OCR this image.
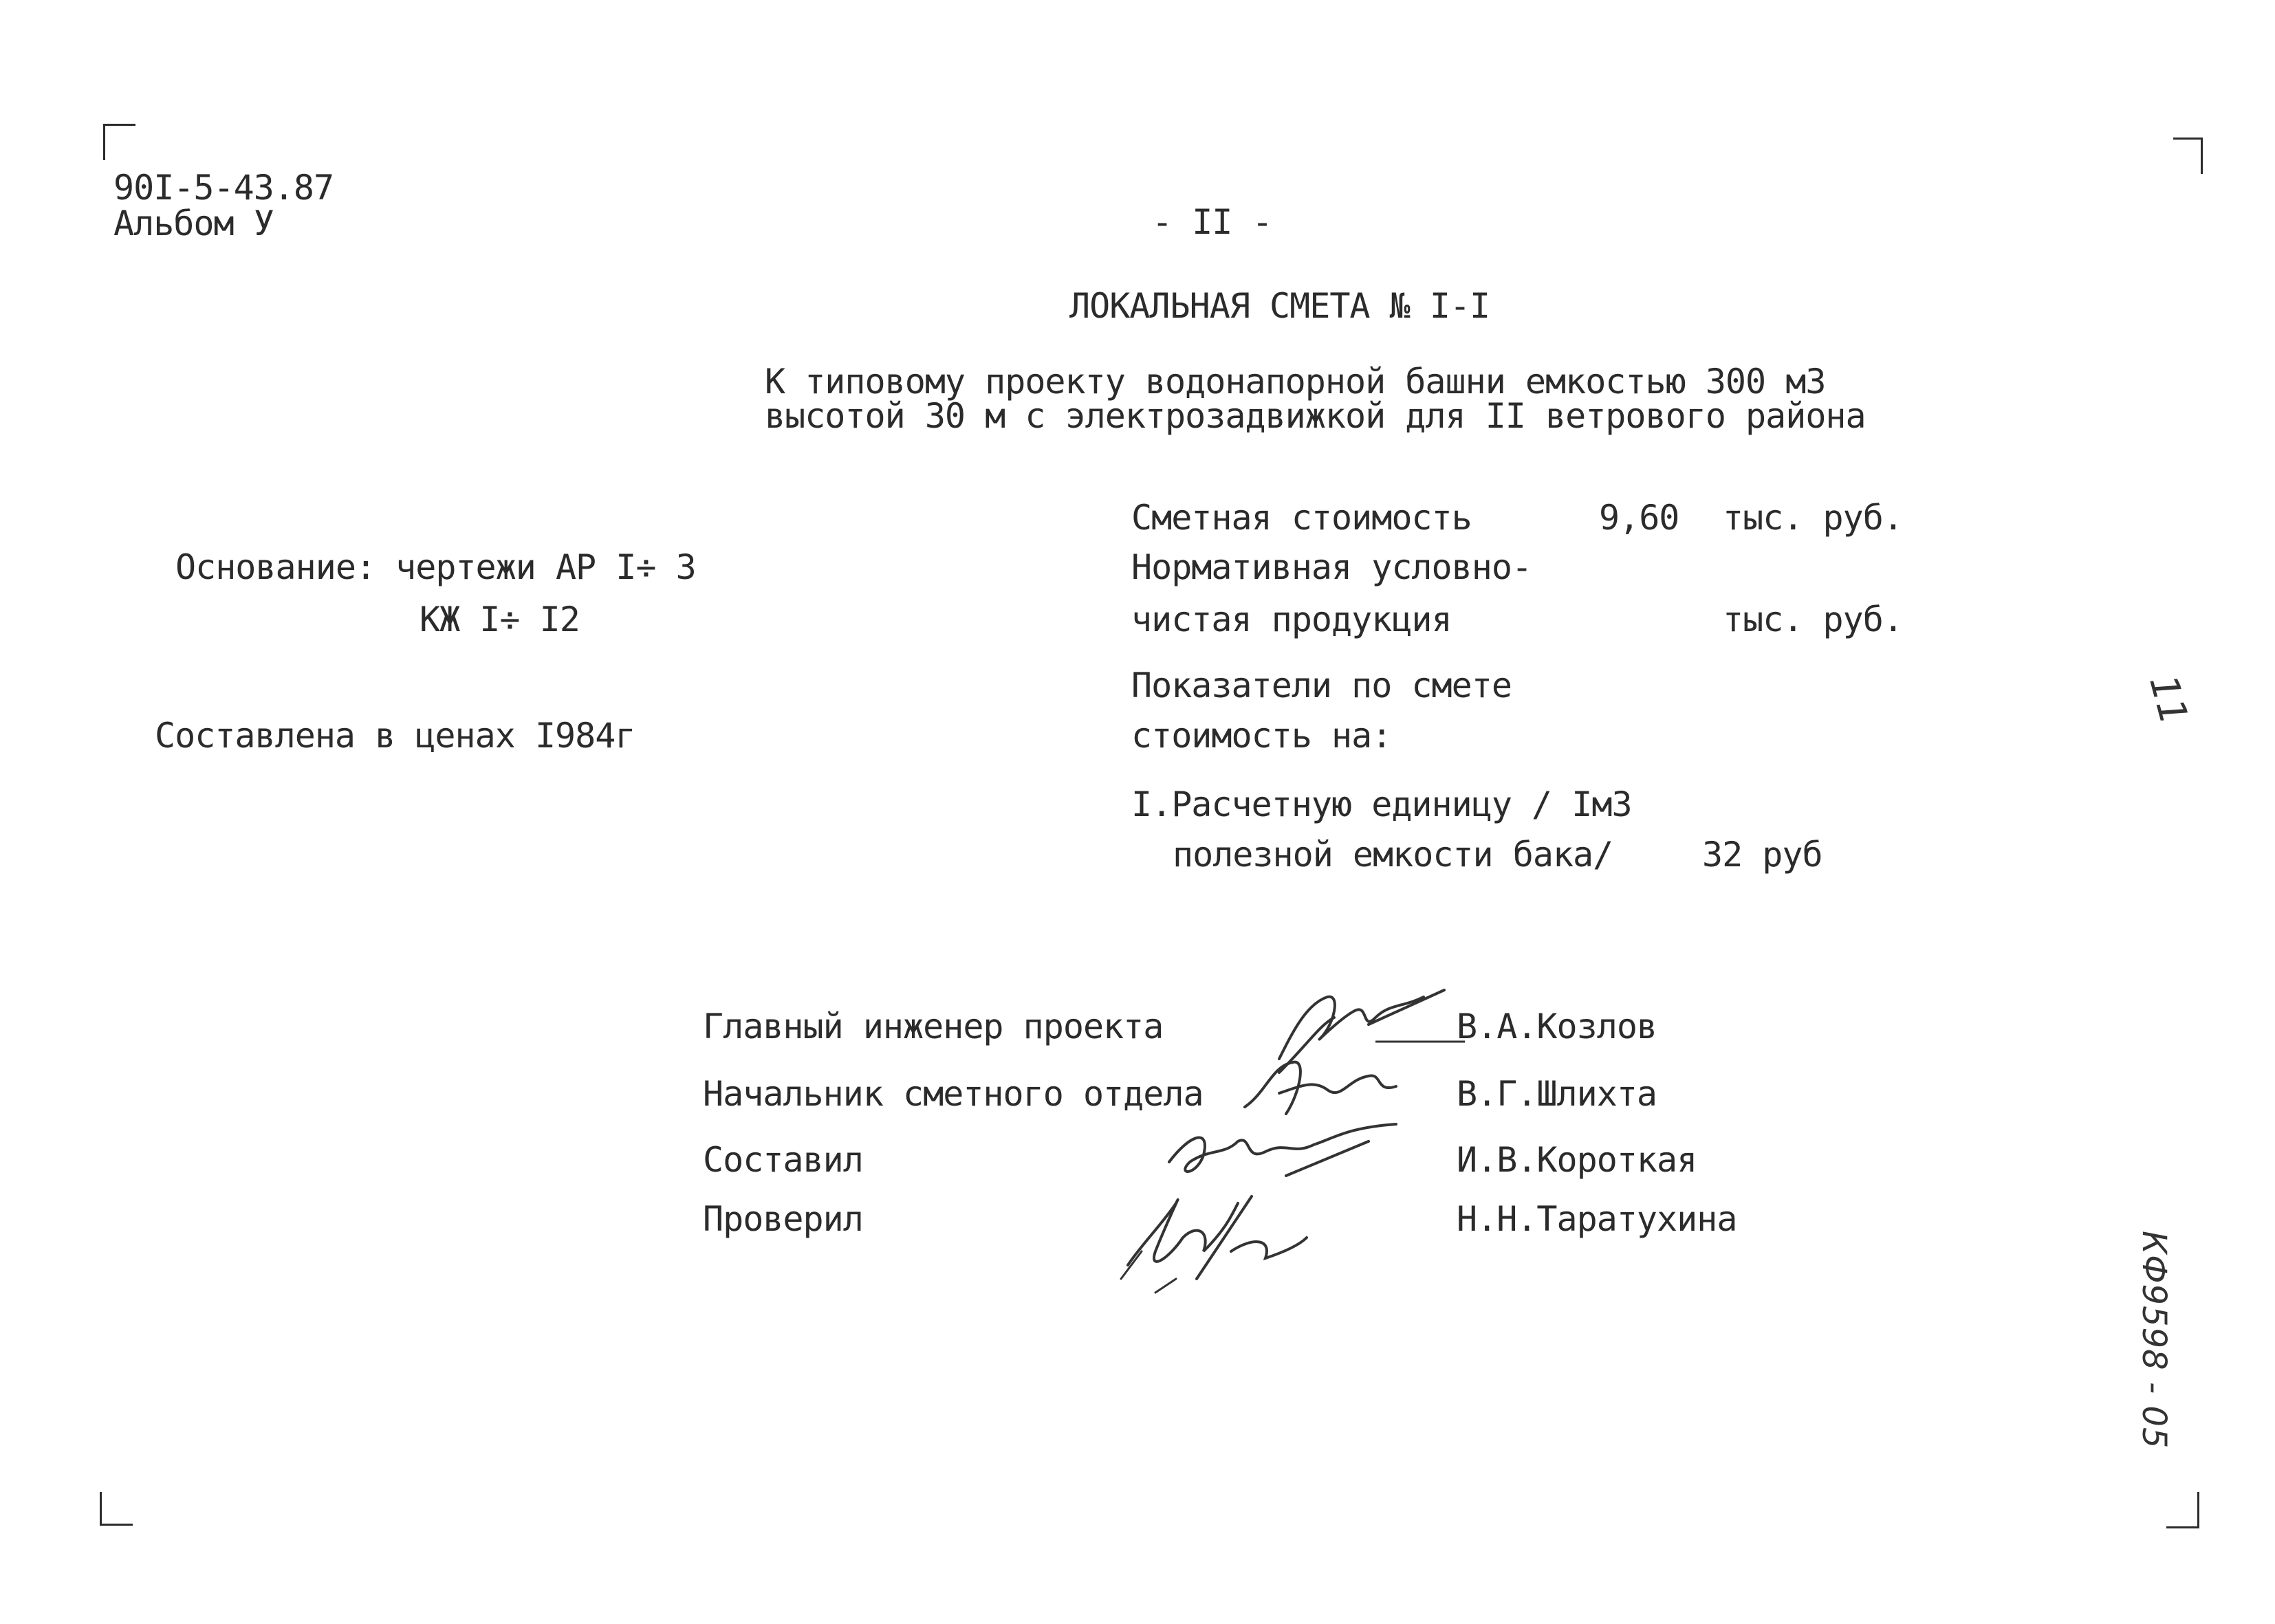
90I-5-43.87
Альбом У	- II -
ЛОКАЛЬНАЯ СМЕТА № I-I
К типовому проекту водонапорной башни емкостью 300 м3
высотой 30 м с электрозадвижкой для II ветрового района
Основание: чертежи АР I÷ 3
КЖ I÷ I2
Составлена в ценах I984г
Сметная стоимость	9,60 тыс. руб.
Нормативная условно-
чистая продукция	тыс. руб.
Показатели по смете
стоимость на:
I.Расчетную единицу / Iм3
полезной емкости бака/	32 руб
Главный инженер проекта	В.А.Козлов
Начальник сметного отдела	В.Г.Шлихта
Составил	И.В.Короткая
Проверил	Н.Н.Таратухина
11
КФ9598 - 05
